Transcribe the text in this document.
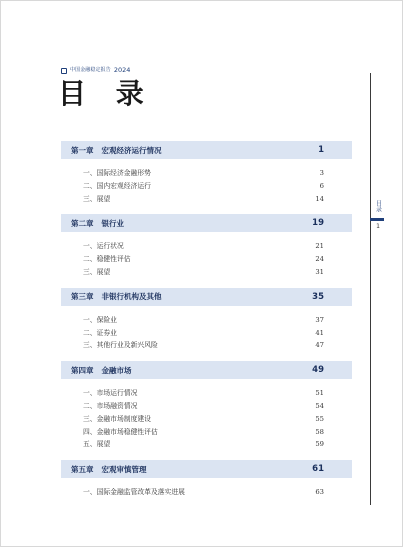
中国金融稳定报告 2024
目 录
目录
1
第一章 宏观经济运行情况	1
一、国际经济金融形势	3
二、国内宏观经济运行	6
三、展望	14
第二章 银行业	19
一、运行状况	21
二、稳健性评估	24
三、展望	31
第三章 非银行机构及其他	35
一、保险业	37
二、证券业	41
三、其他行业及新兴风险	47
第四章 金融市场	49
一、市场运行情况	51
二、市场融资情况	54
三、金融市场制度建设	55
四、金融市场稳健性评估	58
五、展望	59
第五章 宏观审慎管理	61
一、国际金融监管改革及落实进展	63
